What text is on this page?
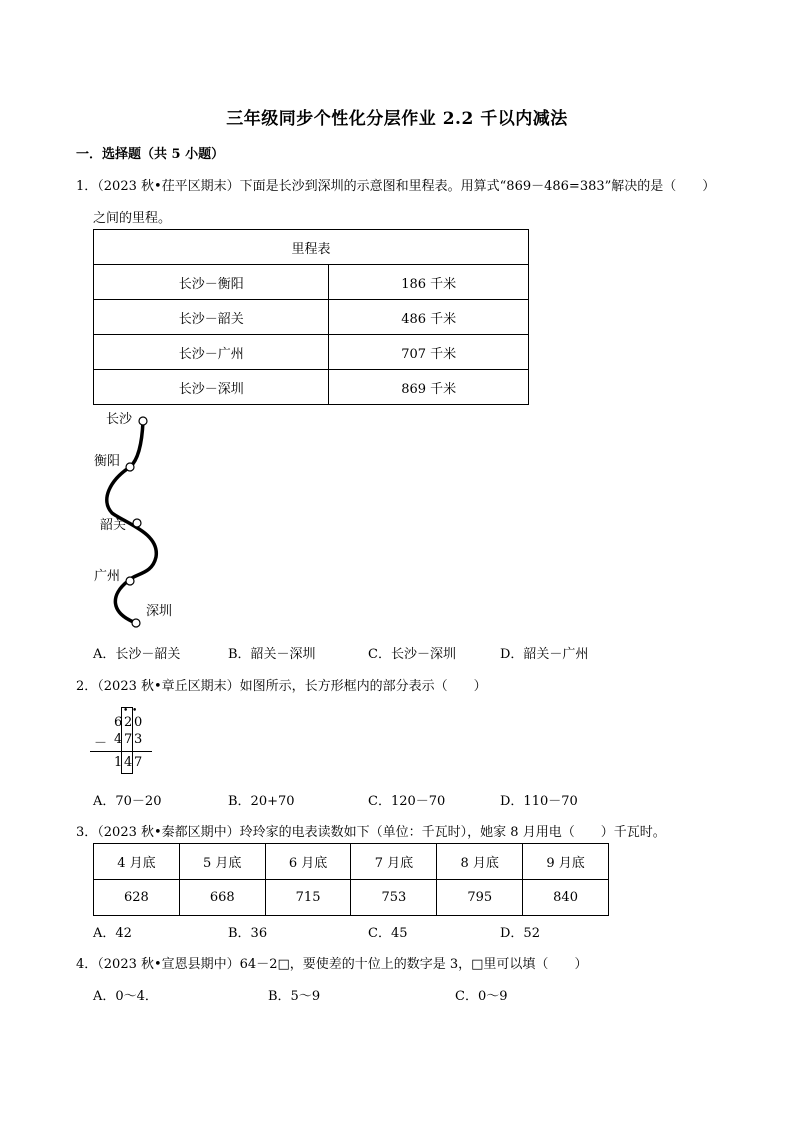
三年级同步个性化分层作业 2.2 千以内减法
一．选择题（共 5 小题）
1．（2023 秋•茌平区期末）下面是长沙到深圳的示意图和里程表。用算式“869－486=383”解决的是（　　）
之间的里程。
里程表	
长沙－衡阳	186 千米
长沙－韶关	486 千米
长沙－广州	707 千米
长沙－深圳	869 千米
长沙
衡阳
韶关
广州
深圳
A．长沙－韶关	B．韶关－深圳	C．长沙－深圳	D．韶关－广州
2．（2023 秋•章丘区期末）如图所示，长方形框内的部分表示（　　）
• •
6 2 0
－ 4 7 3
1 4 7
A．70－20	B．20+70	C．120－70	D．110－70
3．（2023 秋•秦都区期中）玲玲家的电表读数如下（单位：千瓦时），她家 8 月用电（　　）千瓦时。
4 月底	5 月底	6 月底	7 月底	8 月底	9 月底
628	668	715	753	795	840
A．42	B．36	C．45	D．52
4．（2023 秋•宣恩县期中）64－2□，要使差的十位上的数字是 3，□里可以填（　　）
A．0～4．	B．5～9	C．0～9
